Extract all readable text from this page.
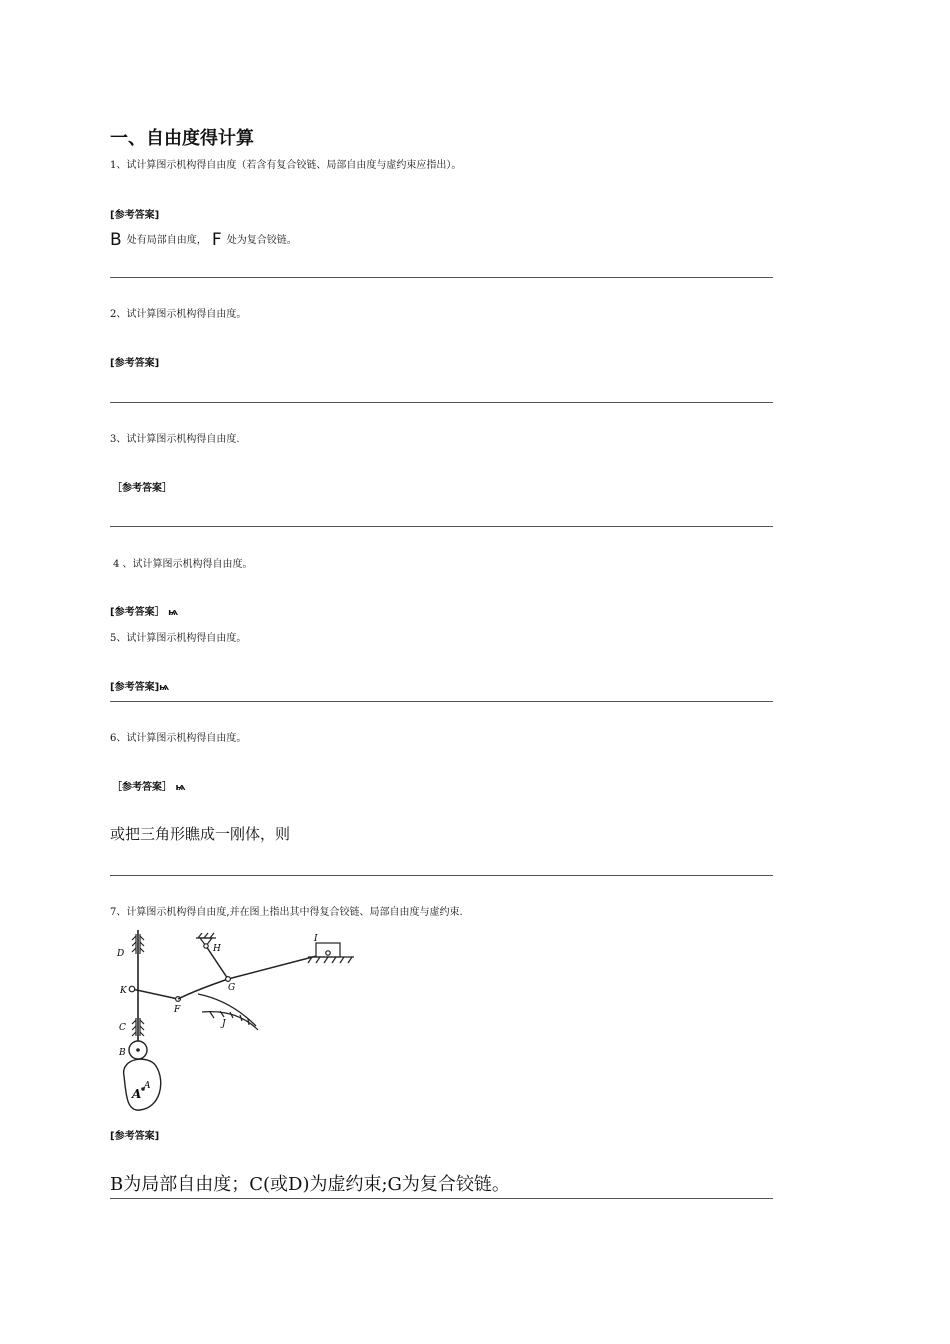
一、自由度得计算
1、试计算图示机构得自由度（若含有复合铰链、局部自由度与虚约束应指出）。
[参考答案]
B 处有局部自由度， F 处为复合铰链。
2、试计算图示机构得自由度。
[参考答案]
3、试计算图示机构得自由度.
［参考答案］
4 、试计算图示机构得自由度。
[参考答案］ ѩ
5、试计算图示机构得自由度。
[参考答案]ѩ
6、试计算图示机构得自由度。
［参考答案］ ѩ
或把三角形瞧成一刚体，则
7、计算图示机构得自由度,并在图上指出其中得复合铰链、局部自由度与虚约束.
D	H
I
G
K
F
J
C
B
A
A
[参考答案]
B为局部自由度；C(或D)为虚约束;G为复合铰链。
